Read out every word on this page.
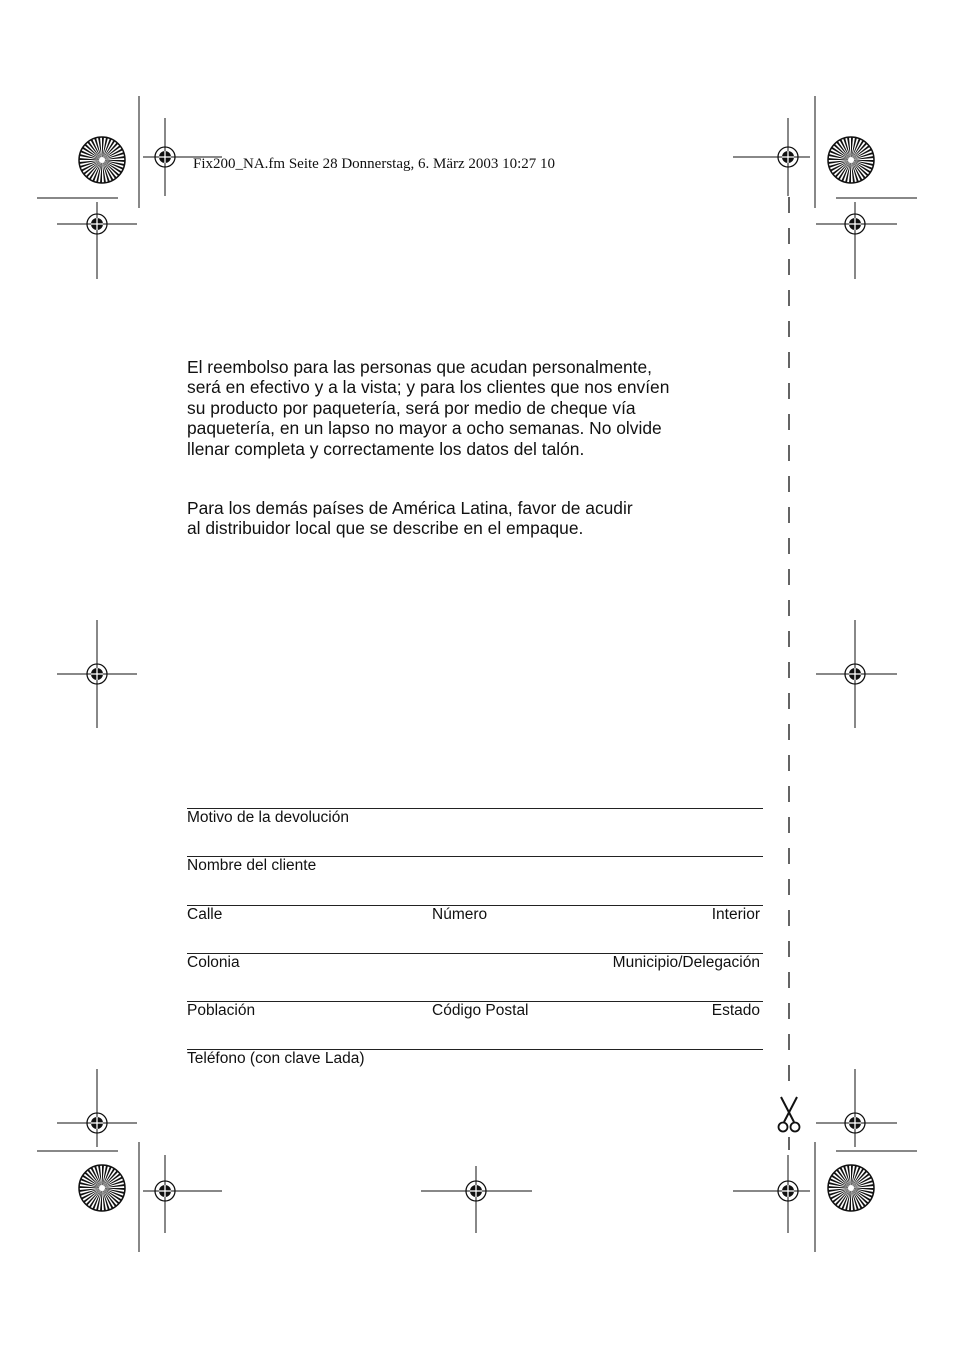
Fix200_NA.fm Seite 28 Donnerstag, 6. März 2003 10:27 10
El reembolso para las personas que acudan personalmente,
será en efectivo y a la vista; y para los clientes que nos envíen
su producto por paquetería, será por medio de cheque vía
paquetería, en un lapso no mayor a ocho semanas. No olvide
llenar completa y correctamente los datos del talón.
Para los demás países de América Latina, favor de acudir
al distribuidor local que se describe en el empaque.
Motivo de la devolución
Nombre del cliente
Calle	Número	Interior
Colonia	Municipio/Delegación
Población	Código Postal	Estado
Teléfono (con clave Lada)
